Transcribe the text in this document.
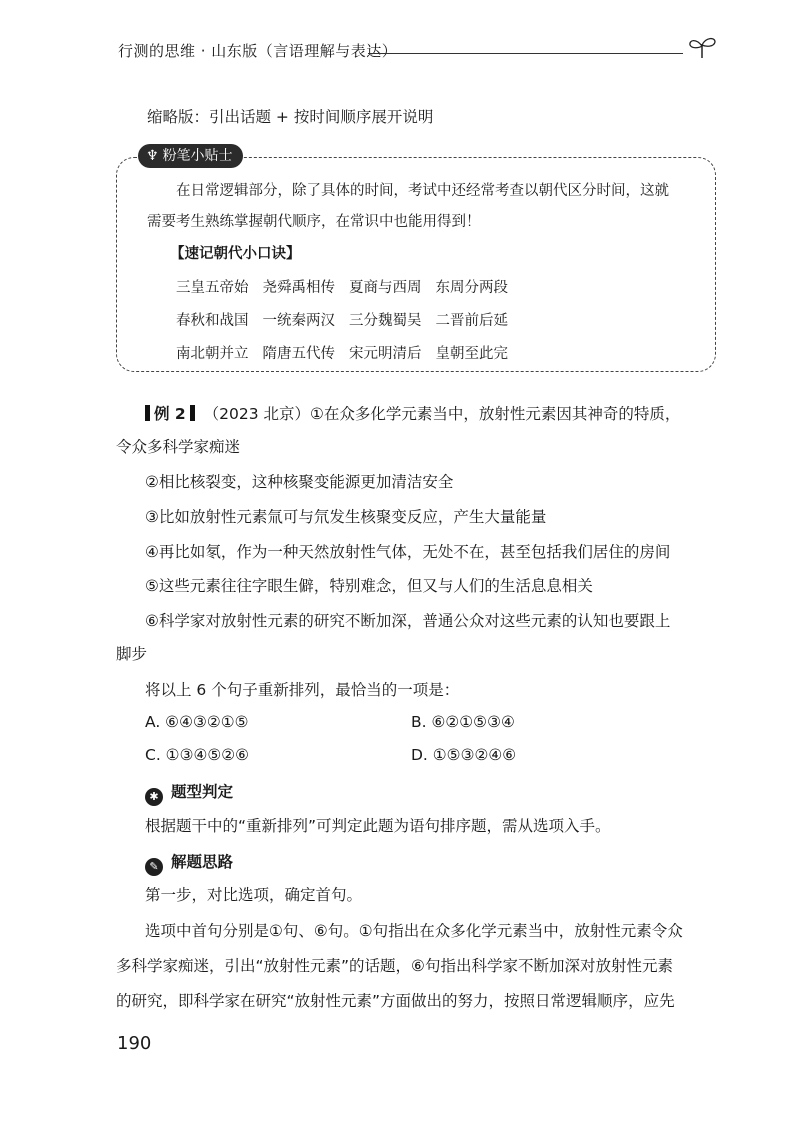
行测的思维 · 山东版（言语理解与表达）
缩略版：引出话题 + 按时间顺序展开说明
♆ 粉笔小贴士
在日常逻辑部分，除了具体的时间，考试中还经常考查以朝代区分时间，这就
需要考生熟练掌握朝代顺序，在常识中也能用得到！
【速记朝代小口诀】
三皇五帝始 尧舜禹相传 夏商与西周 东周分两段
春秋和战国 一统秦两汉 三分魏蜀吴 二晋前后延
南北朝并立 隋唐五代传 宋元明清后 皇朝至此完
例 2 （2023 北京）①在众多化学元素当中，放射性元素因其神奇的特质，
令众多科学家痴迷
②相比核裂变，这种核聚变能源更加清洁安全
③比如放射性元素氚可与氘发生核聚变反应，产生大量能量
④再比如氡，作为一种天然放射性气体，无处不在，甚至包括我们居住的房间
⑤这些元素往往字眼生僻，特别难念，但又与人们的生活息息相关
⑥科学家对放射性元素的研究不断加深，普通公众对这些元素的认知也要跟上
脚步
将以上 6 个句子重新排列，最恰当的一项是：
A. ⑥④③②①⑤	B. ⑥②①⑤③④
C. ①③④⑤②⑥	D. ①⑤③②④⑥
✱ 题型判定
根据题干中的“重新排列”可判定此题为语句排序题，需从选项入手。
✎ 解题思路
第一步，对比选项，确定首句。
选项中首句分别是①句、⑥句。①句指出在众多化学元素当中，放射性元素令众
多科学家痴迷，引出“放射性元素”的话题，⑥句指出科学家不断加深对放射性元素
的研究，即科学家在研究“放射性元素”方面做出的努力，按照日常逻辑顺序，应先
190
